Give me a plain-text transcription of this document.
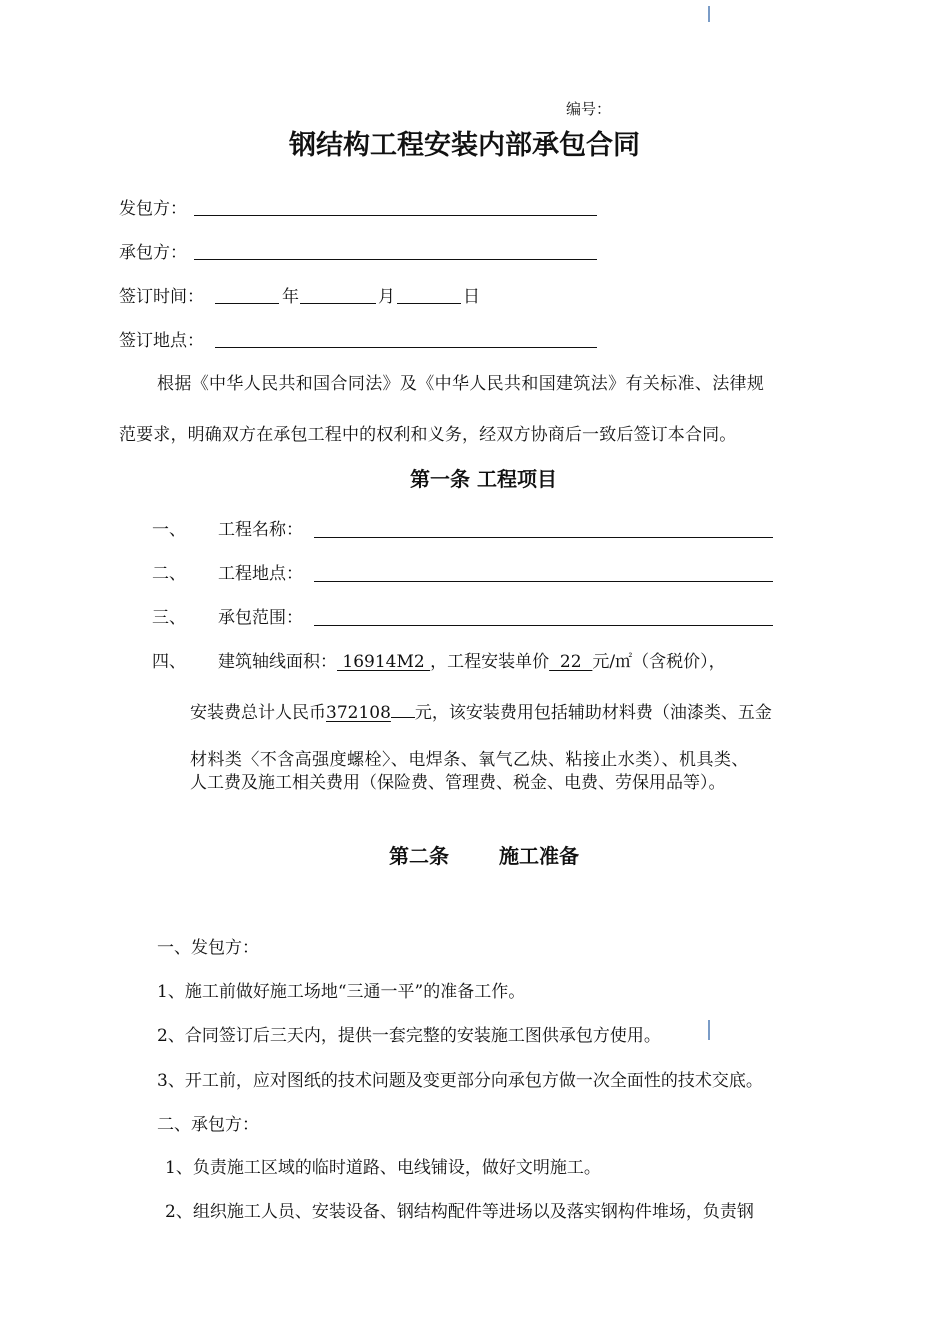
编号：
钢结构工程安装内部承包合同
发包方：
承包方：
签订时间：	年	月	日
签订地点：
根据《中华人民共和国合同法》及《中华人民共和国建筑法》有关标准、法律规
范要求，明确双方在承包工程中的权利和义务，经双方协商后一致后签订本合同。
第一条 工程项目
一、 工程名称：
二、 工程地点：
三、 承包范围：
四、 建筑轴线面积： 16914M2 ，工程安装单价  22  元/㎡（含税价），
安装费总计人民币372108 元，该安装费用包括辅助材料费（油漆类、五金
材料类〈不含高强度螺栓〉、电焊条、氧气乙炔、粘接止水类）、机具类、
人工费及施工相关费用（保险费、管理费、税金、电费、劳保用品等）。
第二条	施工准备
一、发包方：
1、施工前做好施工场地“三通一平”的准备工作。
2、合同签订后三天内，提供一套完整的安装施工图供承包方使用。
3、开工前，应对图纸的技术问题及变更部分向承包方做一次全面性的技术交底。
二、承包方：
1、负责施工区域的临时道路、电线铺设，做好文明施工。
2、组织施工人员、安装设备、钢结构配件等进场以及落实钢构件堆场，负责钢
